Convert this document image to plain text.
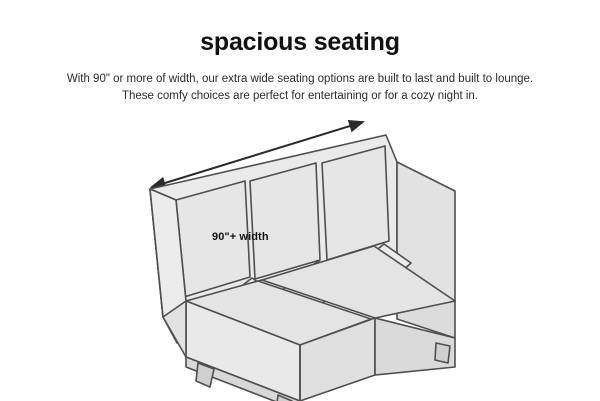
spacious seating

With 90" or more of width, our extra wide seating options are built to last and built to lounge.
These comfy choices are perfect for entertaining or for a cozy night in.

90"+ width
